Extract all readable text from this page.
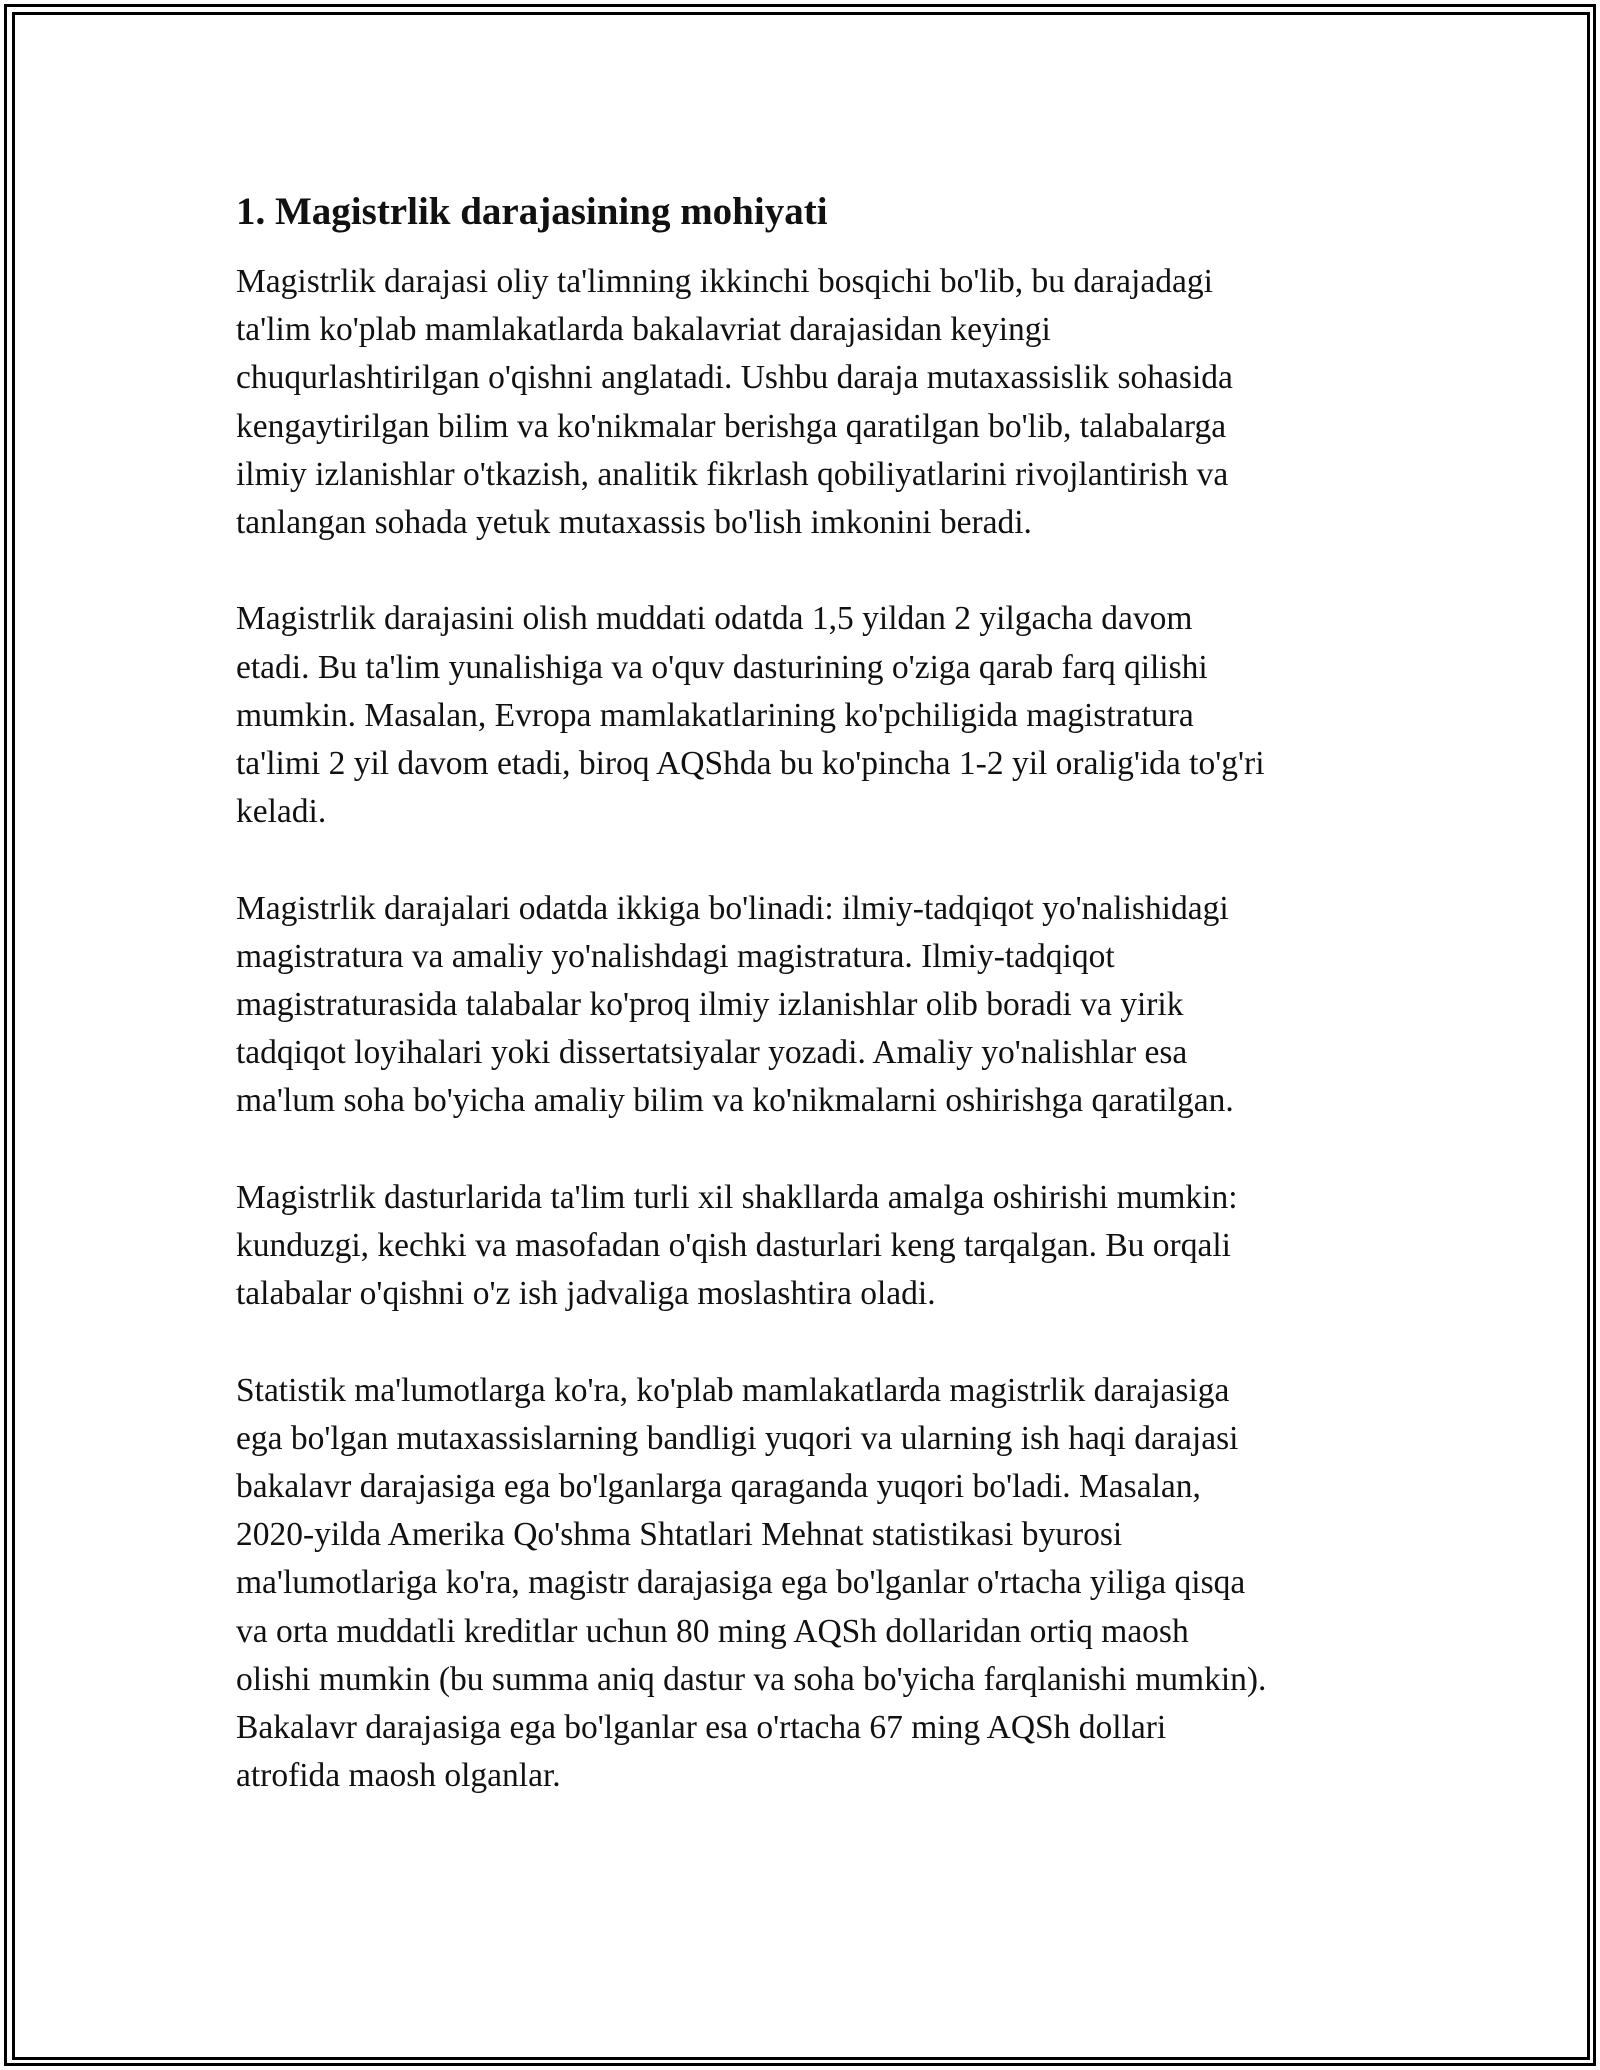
1. Magistrlik darajasining mohiyati

Magistrlik darajasi oliy ta'limning ikkinchi bosqichi bo'lib, bu darajadagi
ta'lim ko'plab mamlakatlarda bakalavriat darajasidan keyingi
chuqurlashtirilgan o'qishni anglatadi. Ushbu daraja mutaxassislik sohasida
kengaytirilgan bilim va ko'nikmalar berishga qaratilgan bo'lib, talabalarga
ilmiy izlanishlar o'tkazish, analitik fikrlash qobiliyatlarini rivojlantirish va
tanlangan sohada yetuk mutaxassis bo'lish imkonini beradi.

Magistrlik darajasini olish muddati odatda 1,5 yildan 2 yilgacha davom
etadi. Bu ta'lim yunalishiga va o'quv dasturining o'ziga qarab farq qilishi
mumkin. Masalan, Evropa mamlakatlarining ko'pchiligida magistratura
ta'limi 2 yil davom etadi, biroq AQShda bu ko'pincha 1-2 yil oralig'ida to'g'ri
keladi.

Magistrlik darajalari odatda ikkiga bo'linadi: ilmiy-tadqiqot yo'nalishidagi
magistratura va amaliy yo'nalishdagi magistratura. Ilmiy-tadqiqot
magistraturasida talabalar ko'proq ilmiy izlanishlar olib boradi va yirik
tadqiqot loyihalari yoki dissertatsiyalar yozadi. Amaliy yo'nalishlar esa
ma'lum soha bo'yicha amaliy bilim va ko'nikmalarni oshirishga qaratilgan.

Magistrlik dasturlarida ta'lim turli xil shakllarda amalga oshirishi mumkin:
kunduzgi, kechki va masofadan o'qish dasturlari keng tarqalgan. Bu orqali
talabalar o'qishni o'z ish jadvaliga moslashtira oladi.

Statistik ma'lumotlarga ko'ra, ko'plab mamlakatlarda magistrlik darajasiga
ega bo'lgan mutaxassislarning bandligi yuqori va ularning ish haqi darajasi
bakalavr darajasiga ega bo'lganlarga qaraganda yuqori bo'ladi. Masalan,
2020-yilda Amerika Qo'shma Shtatlari Mehnat statistikasi byurosi
ma'lumotlariga ko'ra, magistr darajasiga ega bo'lganlar o'rtacha yiliga qisqa
va orta muddatli kreditlar uchun 80 ming AQSh dollaridan ortiq maosh
olishi mumkin (bu summa aniq dastur va soha bo'yicha farqlanishi mumkin).
Bakalavr darajasiga ega bo'lganlar esa o'rtacha 67 ming AQSh dollari
atrofida maosh olganlar.
